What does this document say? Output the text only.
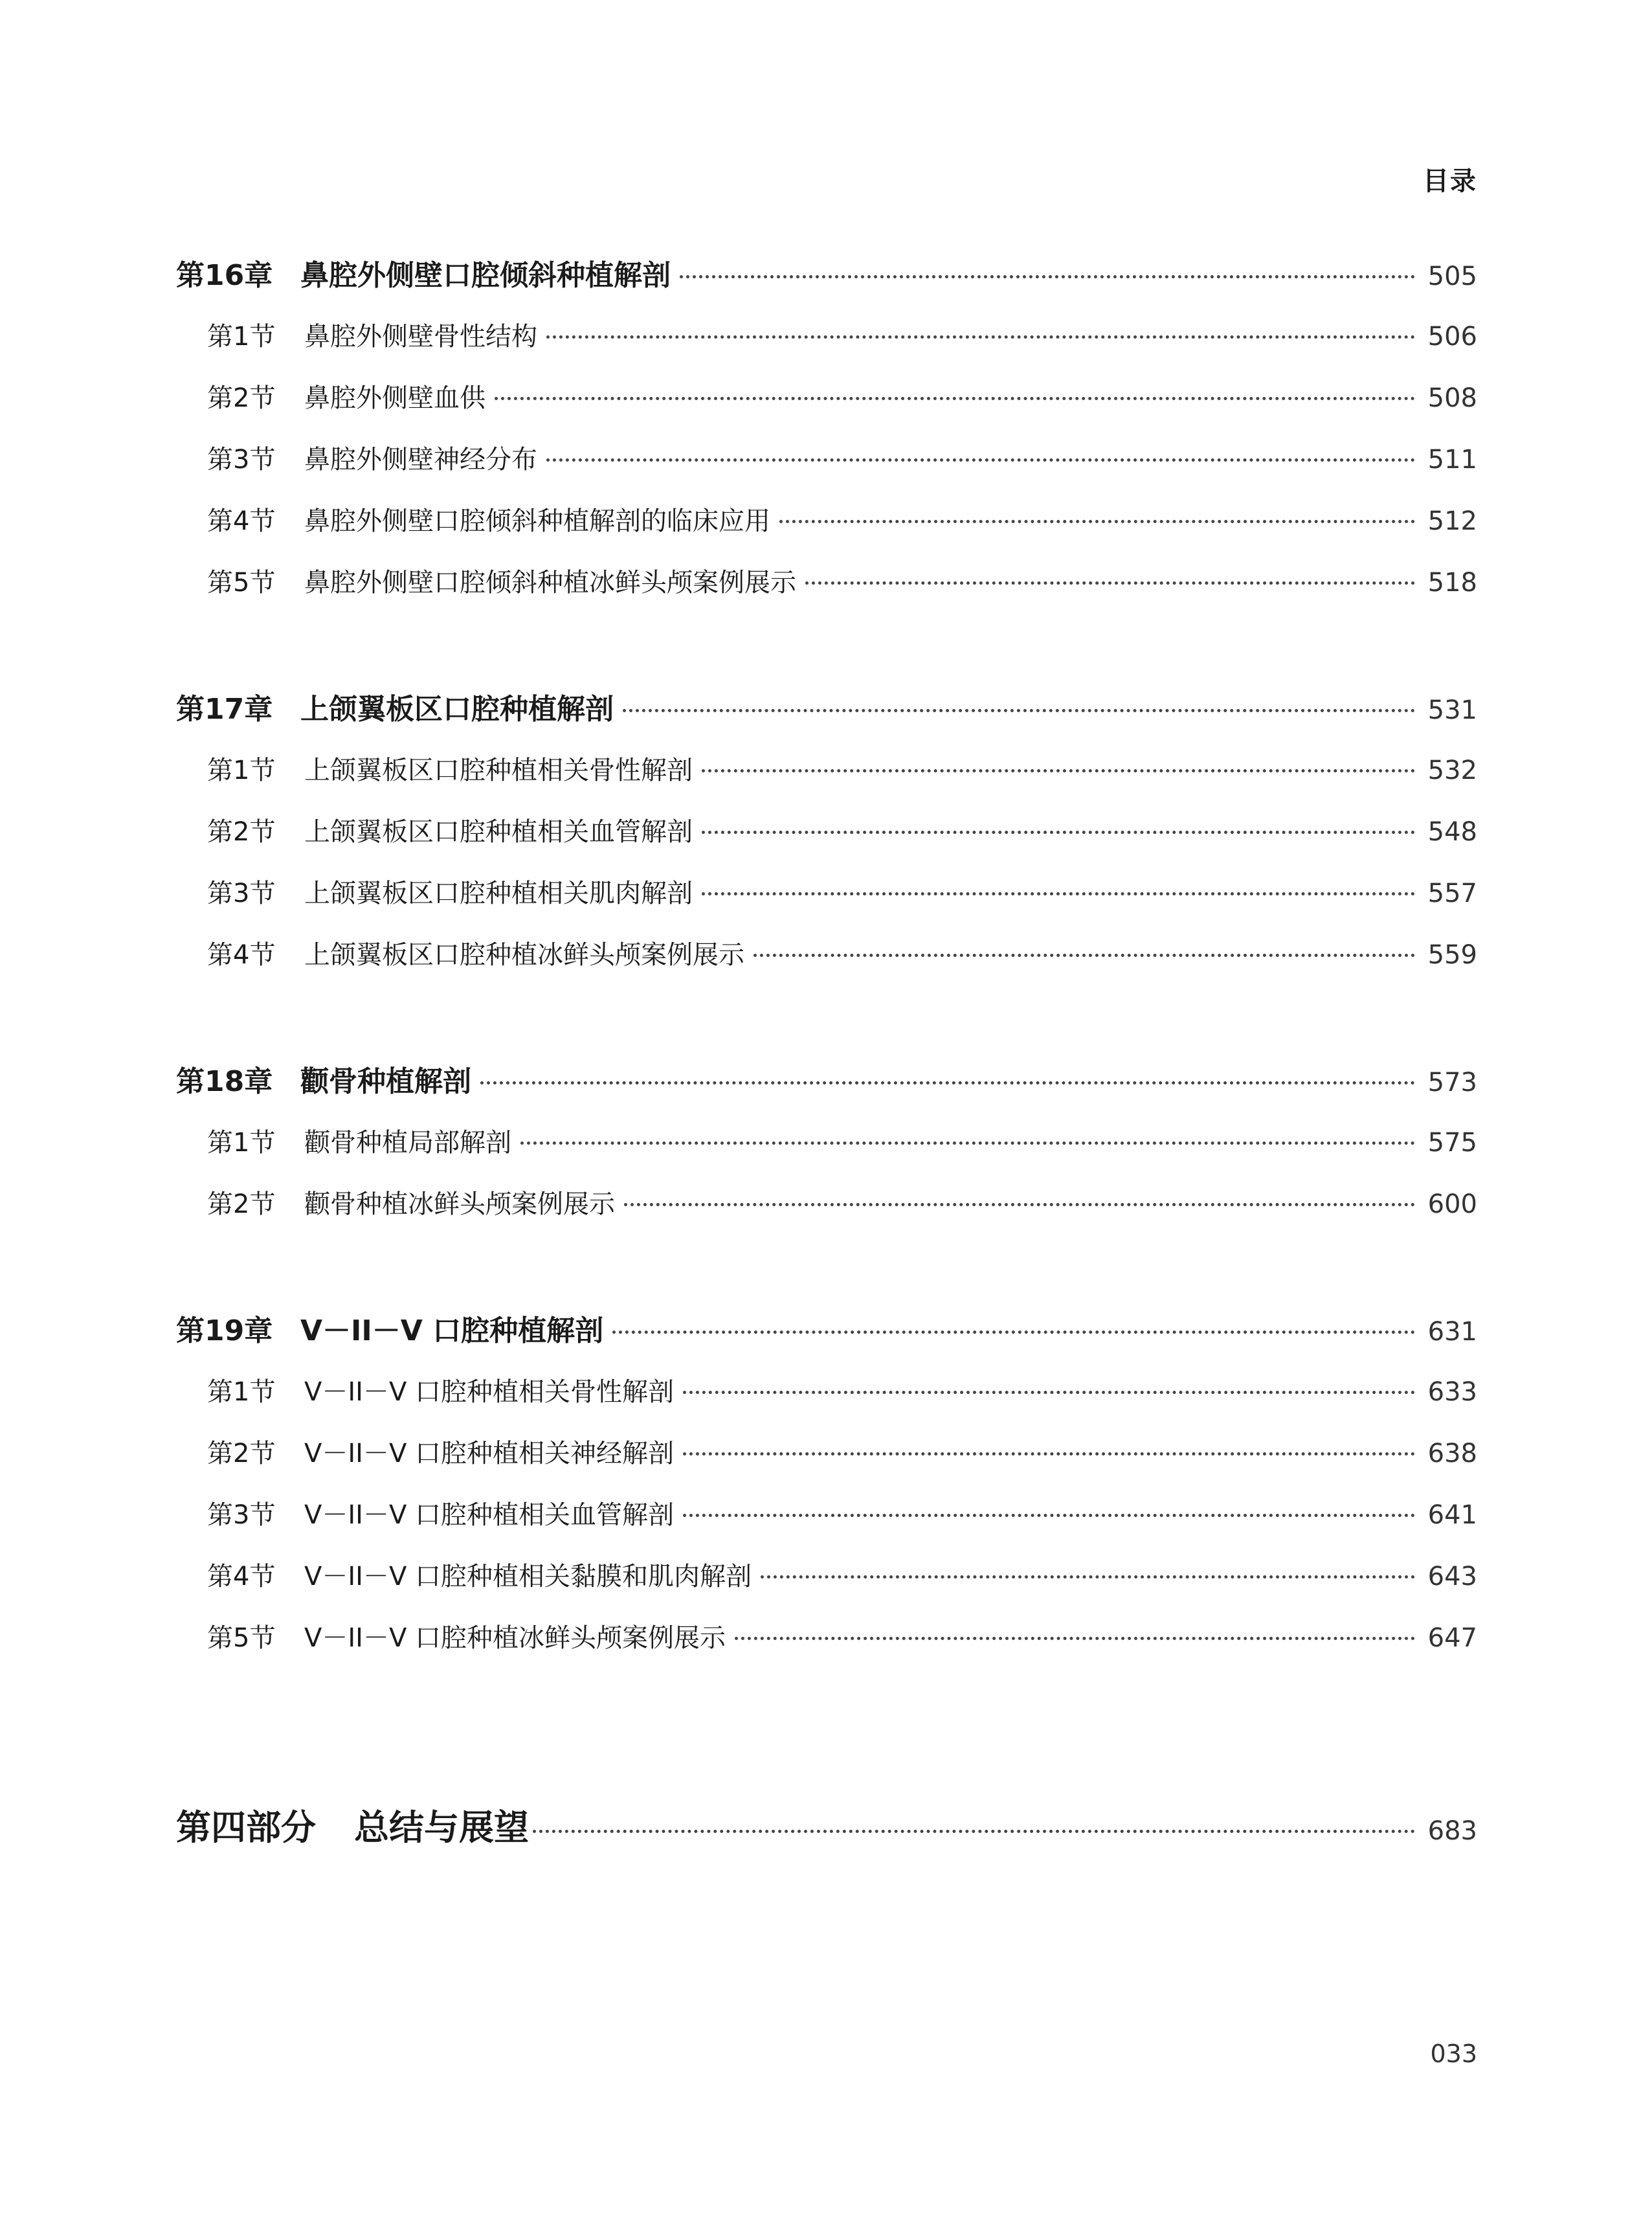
目录
第16章 鼻腔外侧壁口腔倾斜种植解剖	505
第1节	鼻腔外侧壁骨性结构	506
第2节	鼻腔外侧壁血供	508
第3节	鼻腔外侧壁神经分布	511
第4节	鼻腔外侧壁口腔倾斜种植解剖的临床应用	512
第5节	鼻腔外侧壁口腔倾斜种植冰鲜头颅案例展示	518
第17章 上颌翼板区口腔种植解剖	531
第1节	上颌翼板区口腔种植相关骨性解剖	532
第2节	上颌翼板区口腔种植相关血管解剖	548
第3节	上颌翼板区口腔种植相关肌肉解剖	557
第4节	上颌翼板区口腔种植冰鲜头颅案例展示	559
第18章 颧骨种植解剖	573
第1节	颧骨种植局部解剖	575
第2节	颧骨种植冰鲜头颅案例展示	600
第19章 V－II－V 口腔种植解剖	631
第1节	V－II－V 口腔种植相关骨性解剖	633
第2节	V－II－V 口腔种植相关神经解剖	638
第3节	V－II－V 口腔种植相关血管解剖	641
第4节	V－II－V 口腔种植相关黏膜和肌肉解剖	643
第5节	V－II－V 口腔种植冰鲜头颅案例展示	647
第四部分	总结与展望	683
033
